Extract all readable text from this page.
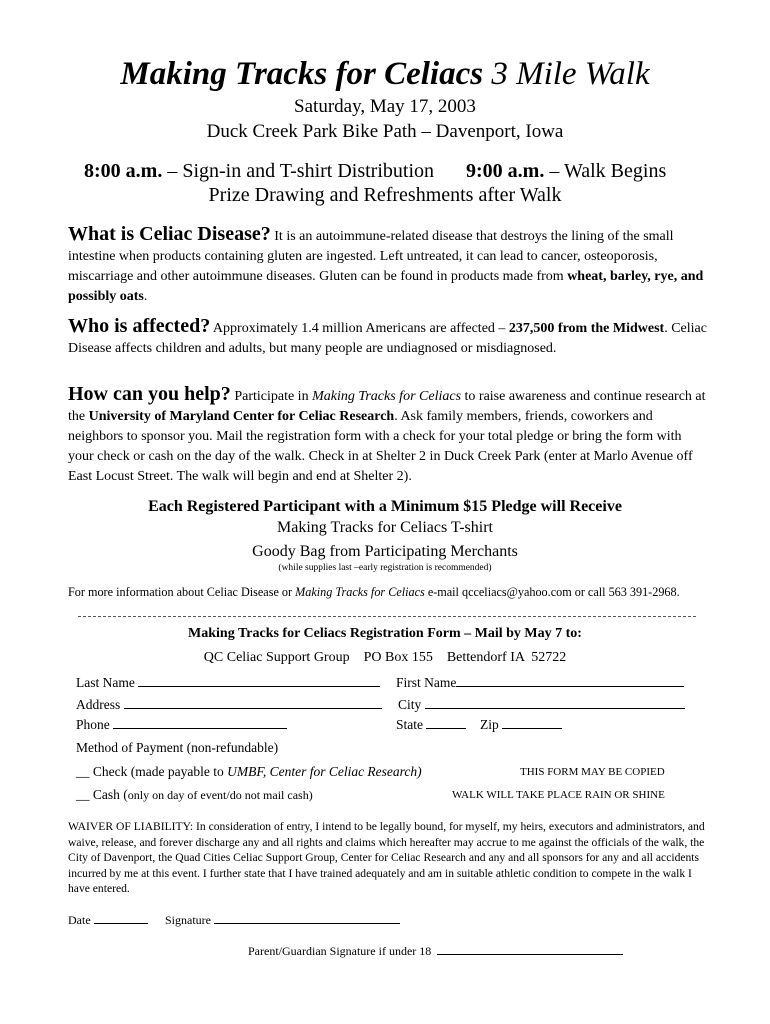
Making Tracks for Celiacs 3 Mile Walk
Saturday, May 17, 2003
Duck Creek Park Bike Path – Davenport, Iowa
8:00 a.m. – Sign-in and T-shirt Distribution 9:00 a.m. – Walk Begins
Prize Drawing and Refreshments after Walk
What is Celiac Disease? It is an autoimmune-related disease that destroys the lining of the small intestine when products containing gluten are ingested. Left untreated, it can lead to cancer, osteoporosis, miscarriage and other autoimmune diseases. Gluten can be found in products made from wheat, barley, rye, and possibly oats.
Who is affected? Approximately 1.4 million Americans are affected – 237,500 from the Midwest. Celiac Disease affects children and adults, but many people are undiagnosed or misdiagnosed.
How can you help? Participate in Making Tracks for Celiacs to raise awareness and continue research at the University of Maryland Center for Celiac Research. Ask family members, friends, coworkers and neighbors to sponsor you. Mail the registration form with a check for your total pledge or bring the form with your check or cash on the day of the walk. Check in at Shelter 2 in Duck Creek Park (enter at Marlo Avenue off East Locust Street. The walk will begin and end at Shelter 2).
Each Registered Participant with a Minimum $15 Pledge will Receive
Making Tracks for Celiacs T-shirt
Goody Bag from Participating Merchants
(while supplies last –early registration is recommended)
For more information about Celiac Disease or Making Tracks for Celiacs e-mail qcceliacs@yahoo.com or call 563 391-2968.
Making Tracks for Celiacs Registration Form – Mail by May 7 to:
QC Celiac Support Group    PO Box 155    Bettendorf IA  52722
Last Name	First Name
Address	City
Phone	State	Zip
Method of Payment (non-refundable)
__ Check (made payable to UMBF, Center for Celiac Research)	THIS FORM MAY BE COPIED
__ Cash (only on day of event/do not mail cash)	WALK WILL TAKE PLACE RAIN OR SHINE
WAIVER OF LIABILITY: In consideration of entry, I intend to be legally bound, for myself, my heirs, executors and administrators, and waive, release, and forever discharge any and all rights and claims which hereafter may accrue to me against the officials of the walk, the City of Davenport, the Quad Cities Celiac Support Group, Center for Celiac Research and any and all sponsors for any and all accidents incurred by me at this event. I further state that I have trained adequately and am in suitable athletic condition to compete in the walk I have entered.
Date	Signature
Parent/Guardian Signature if under 18
